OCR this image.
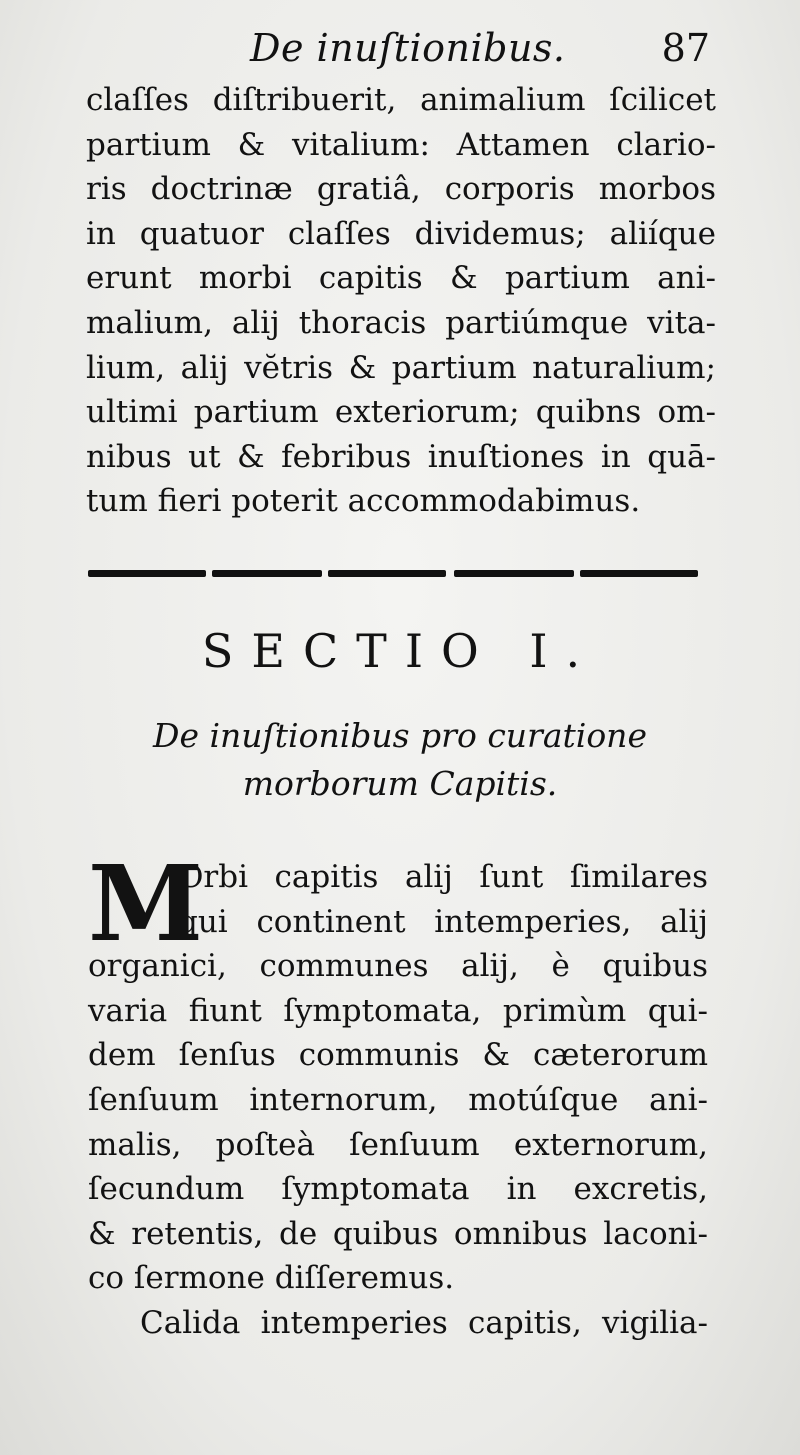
De inuſtionibus.	87
claſſes diſtribuerit, animalium ſcilicet
partium & vitalium: Attamen clario-
ris doctrinæ gratiâ, corporis morbos
in quatuor claſſes dividemus; aliíque
erunt morbi capitis & partium ani-
malium, alij thoracis partiúmque vita-
lium, alij vĕtris & partium naturalium;
ultimi partium exteriorum; quibns om-
nibus ut & febribus inuſtiones in quā-
tum fieri poterit accommodabimus.
SECTIO I.
De inuſtionibus pro curatione
morborum Capitis.
M
Orbi capitis alij ſunt ſimilares
qui continent intemperies, alij
organici, communes alij, è quibus
varia fiunt ſymptomata, primùm qui-
dem ſenſus communis & cæterorum
ſenſuum internorum, motúſque ani-
malis, poſteà ſenſuum externorum,
ſecundum ſymptomata in excretis,
& retentis, de quibus omnibus laconi-
co ſermone diſſeremus.
Calida intemperies capitis, vigilia-
